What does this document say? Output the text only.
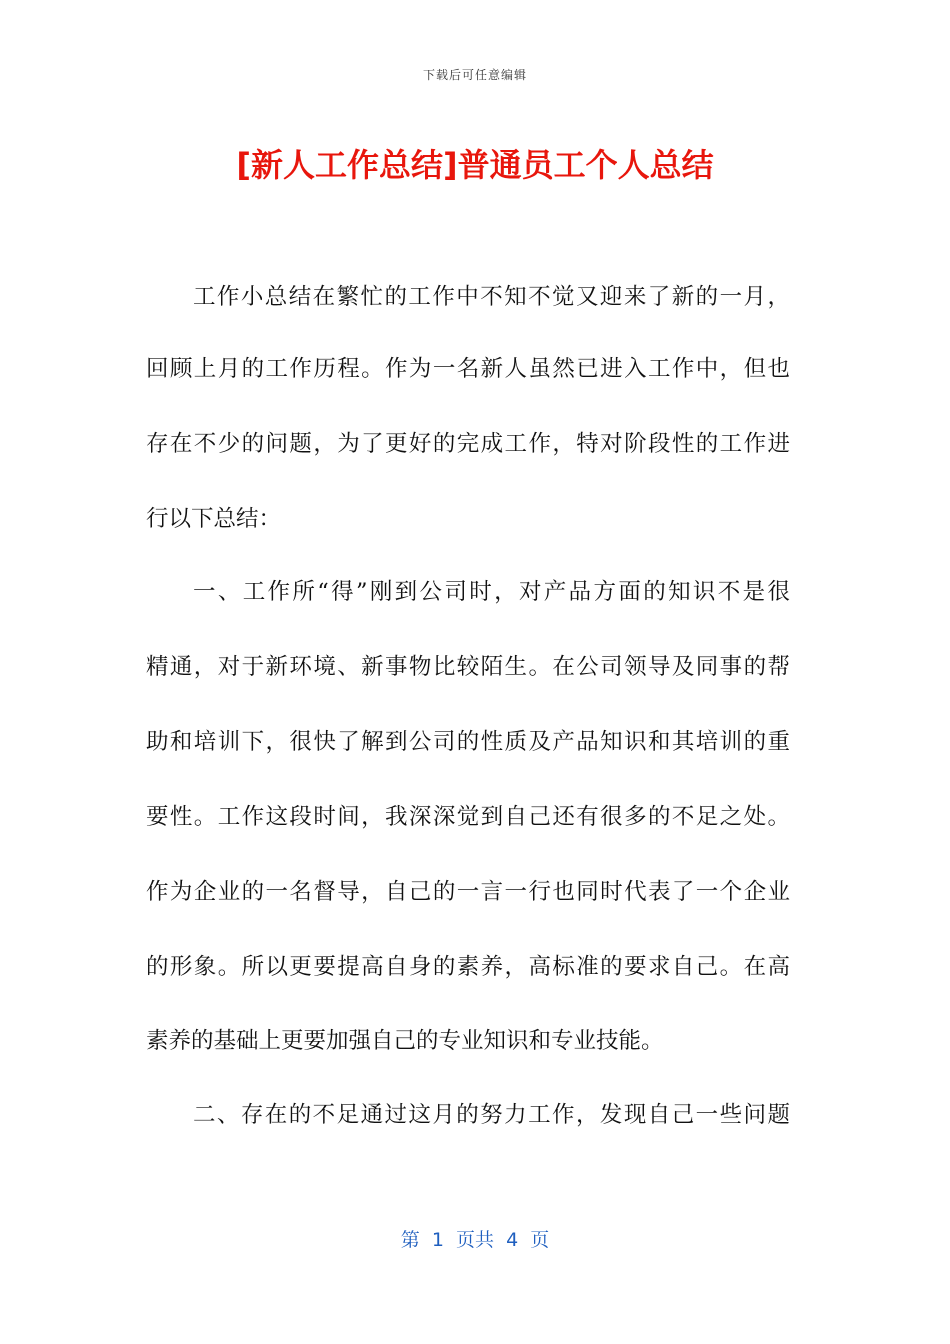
下载后可任意编辑
[新人工作总结]普通员工个人总结
工作小总结在繁忙的工作中不知不觉又迎来了新的一月，
回顾上月的工作历程。作为一名新人虽然已进入工作中，但也
存在不少的问题，为了更好的完成工作，特对阶段性的工作进
行以下总结：
一、工作所“得”刚到公司时，对产品方面的知识不是很
精通，对于新环境、新事物比较陌生。在公司领导及同事的帮
助和培训下，很快了解到公司的性质及产品知识和其培训的重
要性。工作这段时间，我深深觉到自己还有很多的不足之处。
作为企业的一名督导，自己的一言一行也同时代表了一个企业
的形象。所以更要提高自身的素养，高标准的要求自己。在高
素养的基础上更要加强自己的专业知识和专业技能。
二、存在的不足通过这月的努力工作，发现自己一些问题
第  1  页共  4  页
